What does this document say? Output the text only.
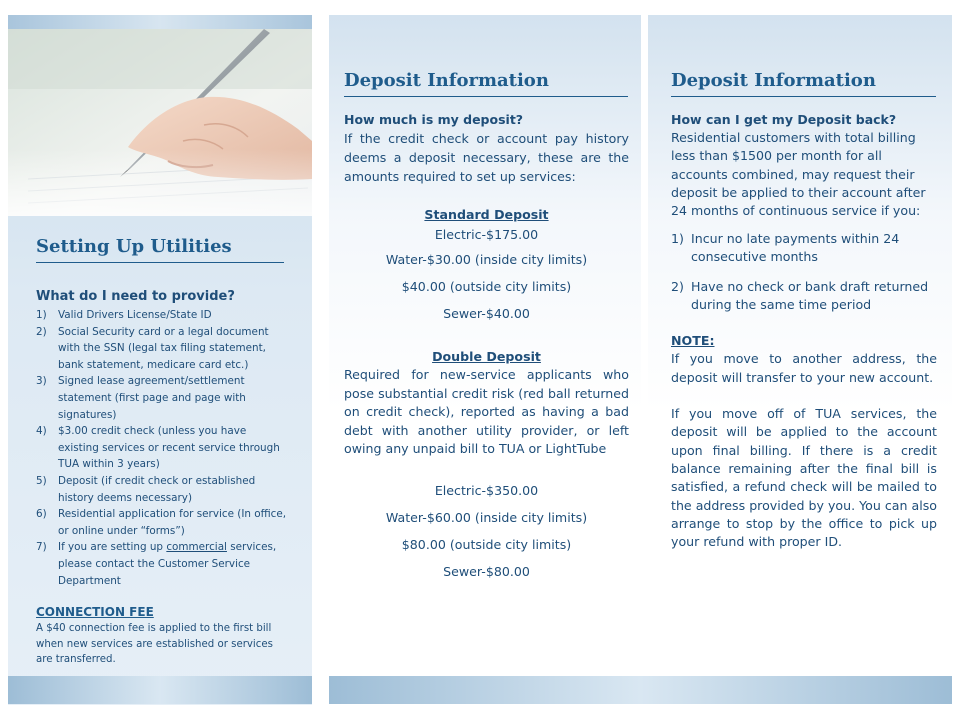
Setting Up Utilities

What do I need to provide?

1)	Valid Drivers License/State ID
2)	Social Security card or a legal document with the SSN (legal tax filing statement, bank statement, medicare card etc.)
3)	Signed lease agreement/settlement statement (first page and page with signatures)
4)	$3.00 credit check (unless you have existing services or recent service through TUA within 3 years)
5)	Deposit (if credit check or established history deems necessary)
6)	Residential application for service (In office, or online under “forms”)
7)	If you are setting up commercial services, please contact the Customer Service Department

CONNECTION FEE

A $40 connection fee is applied to the first bill when new services are established or services are transferred.

Deposit Information

How much is my deposit?

If the credit check or account pay history deems a deposit necessary, these are the amounts required to set up services:

Standard Deposit

Electric-$175.00

Water-$30.00 (inside city limits)

$40.00 (outside city limits)

Sewer-$40.00

Double Deposit

Required for new-service applicants who pose substantial credit risk (red ball returned on credit check), reported as having a bad debt with another utility provider, or left owing any unpaid bill to TUA or LightTube

Electric-$350.00

Water-$60.00 (inside city limits)

$80.00 (outside city limits)

Sewer-$80.00

Deposit Information

How can I get my Deposit back?

Residential customers with total billing less than $1500 per month for all accounts combined, may request their deposit be applied to their account after 24 months of continuous service if you:

1) Incur no late payments within 24 consecutive months
2) Have no check or bank draft returned during the same time period

NOTE:

If you move to another address, the deposit will transfer to your new account.

If you move off of TUA services, the deposit will be applied to the account upon final billing. If there is a credit balance remaining after the final bill is satisfied, a refund check will be mailed to the address provided by you. You can also arrange to stop by the office to pick up your refund with proper ID.
